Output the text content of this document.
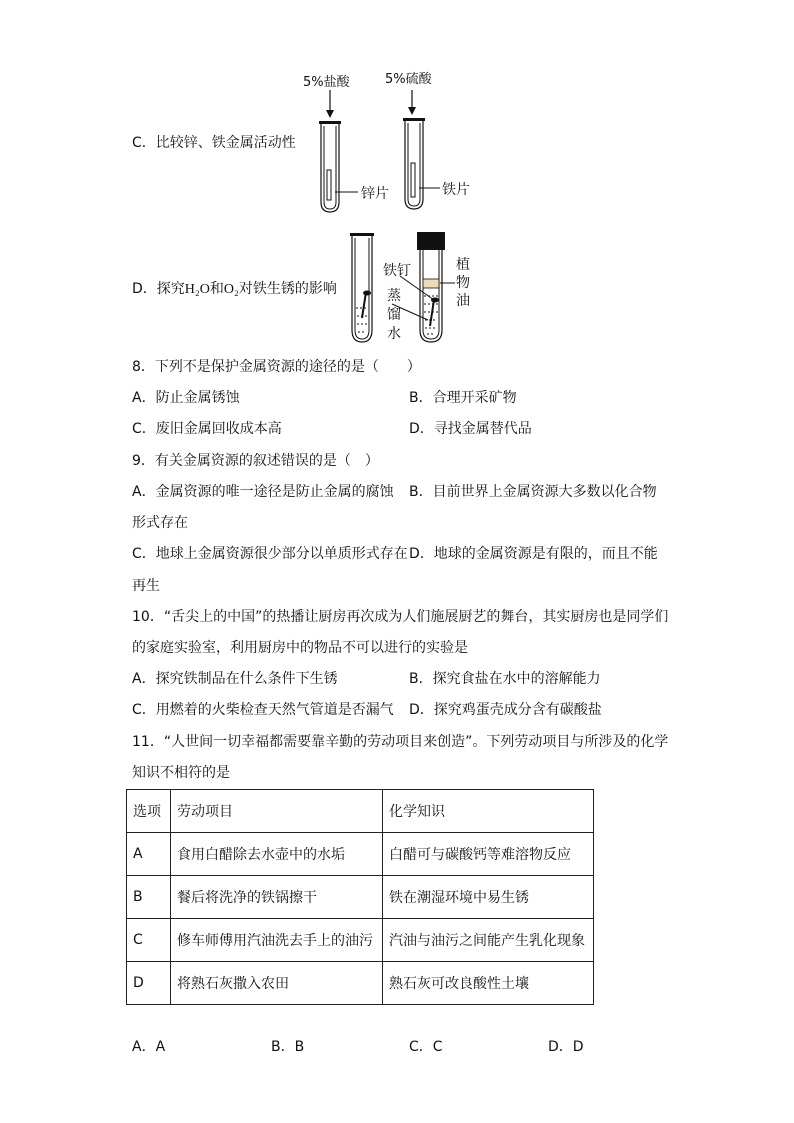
C．比较锌、铁金属活动性
D．探究H₂O和O₂对铁生锈的影响
5%盐酸	5%硫酸
锌片	铁片
铁钉	植
物
油
蒸
馏
水
8．下列不是保护金属资源的途径的是（　　）
A．防止金属锈蚀	B．合理开采矿物
C．废旧金属回收成本高	D．寻找金属替代品
9．有关金属资源的叙述错误的是（　）
A．金属资源的唯一途径是防止金属的腐蚀 B．目前世界上金属资源大多数以化合物
形式存在
C．地球上金属资源很少部分以单质形式存在 D．地球的金属资源是有限的，而且不能
再生
10．“舌尖上的中国”的热播让厨房再次成为人们施展厨艺的舞台，其实厨房也是同学们
的家庭实验室，利用厨房中的物品不可以进行的实验是
A．探究铁制品在什么条件下生锈	B．探究食盐在水中的溶解能力
C．用燃着的火柴检查天然气管道是否漏气 D．探究鸡蛋壳成分含有碳酸盐
11．“人世间一切幸福都需要靠辛勤的劳动项目来创造”。下列劳动项目与所涉及的化学
知识不相符的是
选项	劳动项目	化学知识
A	食用白醋除去水壶中的水垢	白醋可与碳酸钙等难溶物反应
B	餐后将洗净的铁锅擦干	铁在潮湿环境中易生锈
C	修车师傅用汽油洗去手上的油污	汽油与油污之间能产生乳化现象
D	将熟石灰撒入农田	熟石灰可改良酸性土壤
A．A	B．B	C．C	D．D
